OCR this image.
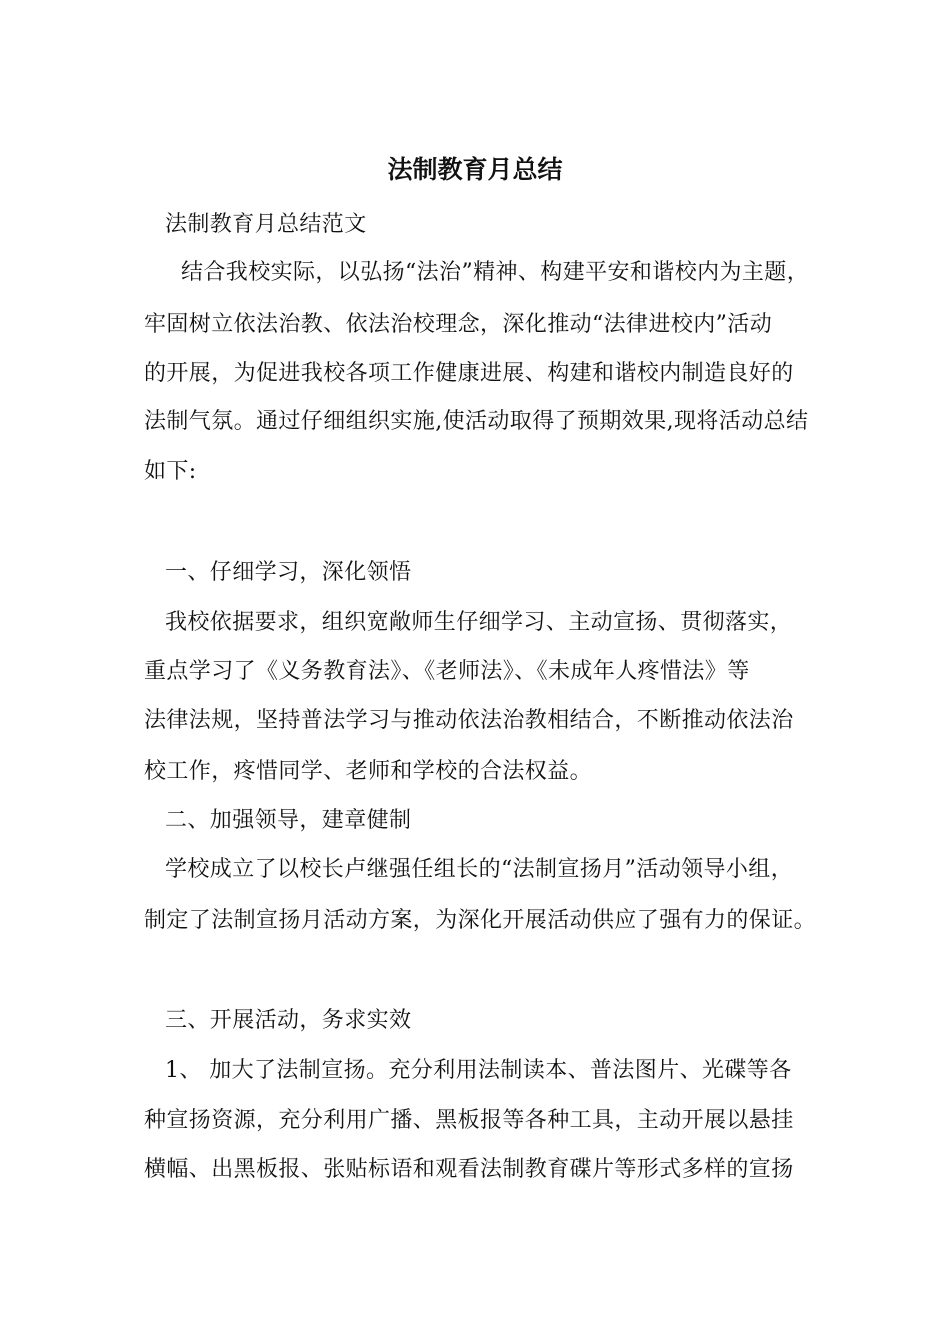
法制教育月总结
法制教育月总结范文
结合我校实际，以弘扬“法治”精神、构建平安和谐校内为主题，
牢固树立依法治教、依法治校理念，深化推动“法律进校内”活动
的开展，为促进我校各项工作健康进展、构建和谐校内制造良好的
法制气氛。通过仔细组织实施,使活动取得了预期效果,现将活动总结
如下:
一、仔细学习，深化领悟
我校依据要求，组织宽敞师生仔细学习、主动宣扬、贯彻落实，
重点学习了《义务教育法》、《老师法》、《未成年人疼惜法》等
法律法规，坚持普法学习与推动依法治教相结合，不断推动依法治
校工作，疼惜同学、老师和学校的合法权益。
二、加强领导，建章健制
学校成立了以校长卢继强任组长的“法制宣扬月”活动领导小组，
制定了法制宣扬月活动方案，为深化开展活动供应了强有力的保证。
三、开展活动，务求实效
1、 加大了法制宣扬。充分利用法制读本、普法图片、光碟等各
种宣扬资源，充分利用广播、黑板报等各种工具，主动开展以悬挂
横幅、出黑板报、张贴标语和观看法制教育碟片等形式多样的宣扬
